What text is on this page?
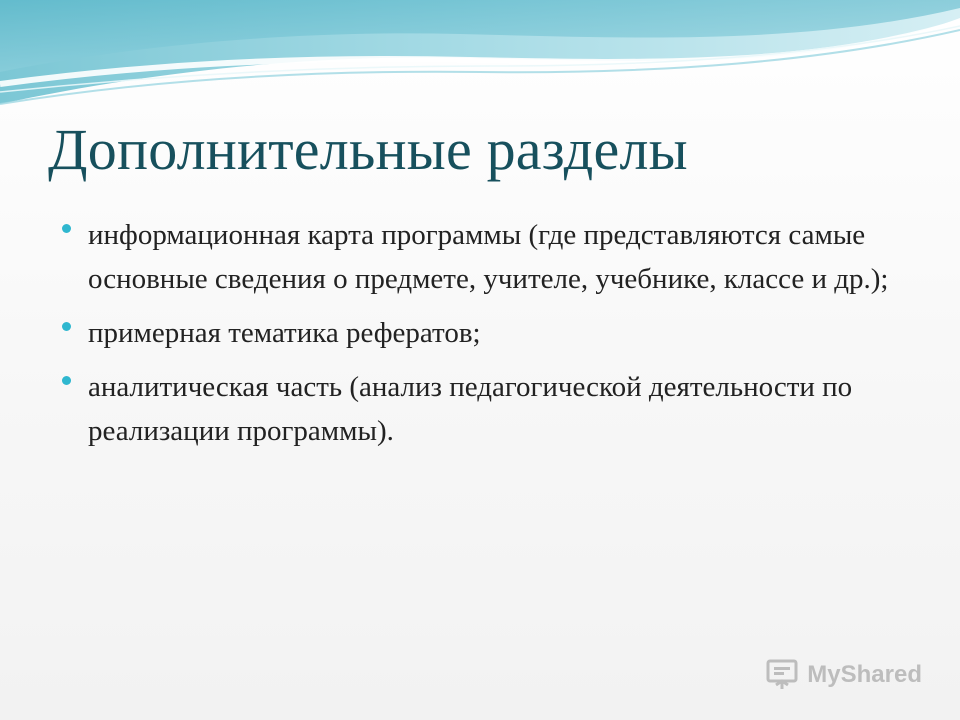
Дополнительные разделы
информационная карта программы (где представляются самые основные сведения о предмете, учителе, учебнике, классе и др.);
примерная тематика рефератов;
аналитическая часть (анализ педагогической деятельности по реализации программы).
MyShared
